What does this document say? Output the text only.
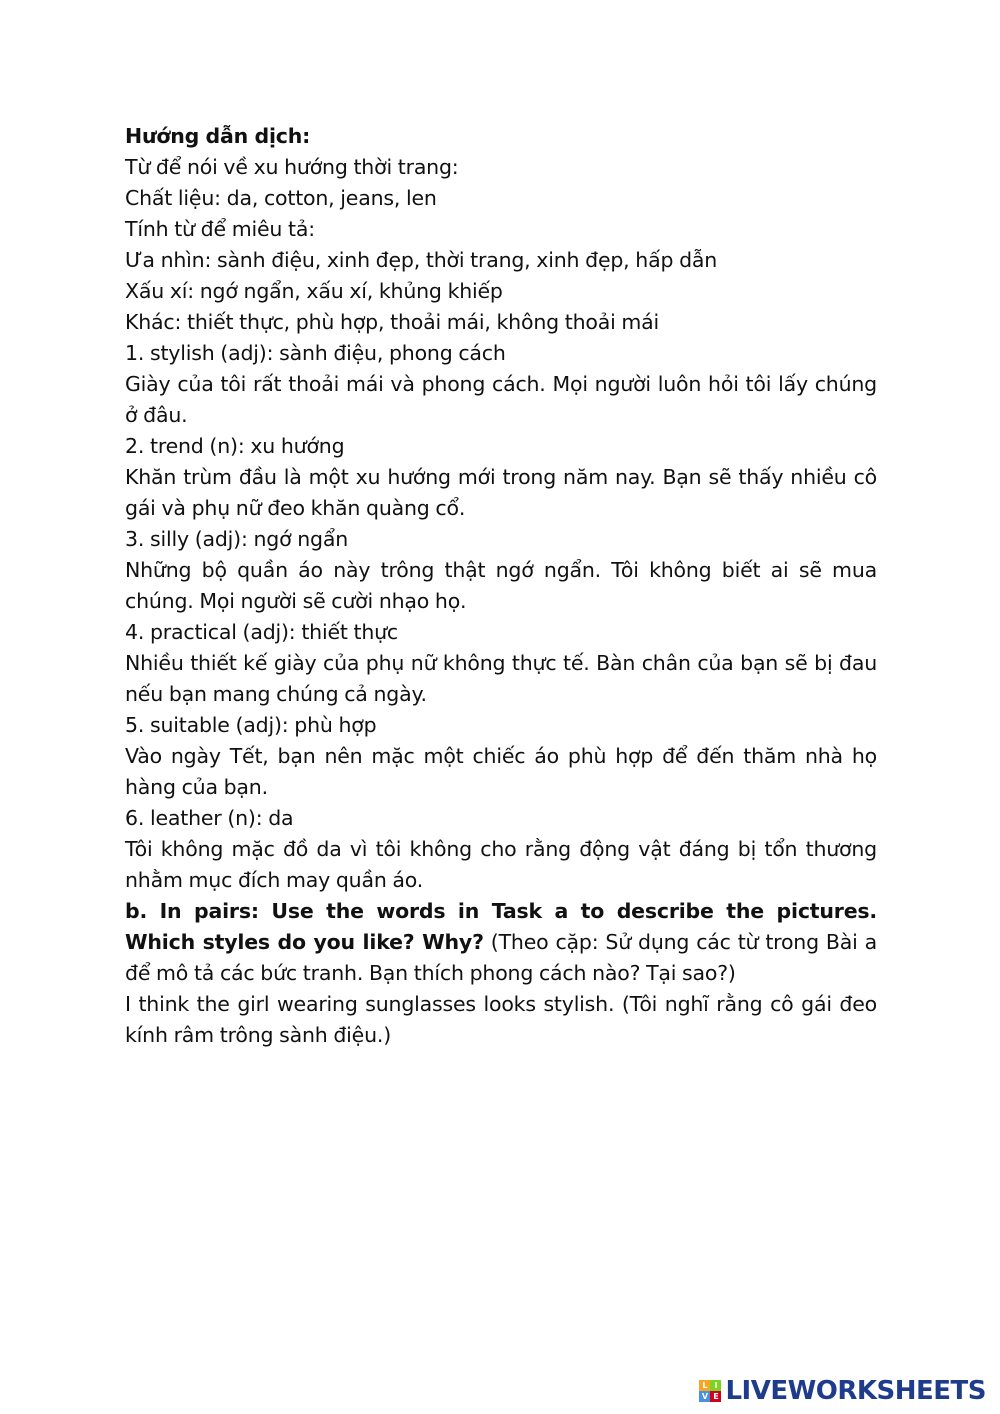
Hướng dẫn dịch:

Từ để nói về xu hướng thời trang:

Chất liệu: da, cotton, jeans, len

Tính từ để miêu tả:

Ưa nhìn: sành điệu, xinh đẹp, thời trang, xinh đẹp, hấp dẫn

Xấu xí: ngớ ngẩn, xấu xí, khủng khiếp

Khác: thiết thực, phù hợp, thoải mái, không thoải mái

1. stylish (adj): sành điệu, phong cách

Giày của tôi rất thoải mái và phong cách. Mọi người luôn hỏi tôi lấy chúng ở đâu.

2. trend (n): xu hướng

Khăn trùm đầu là một xu hướng mới trong năm nay. Bạn sẽ thấy nhiều cô gái và phụ nữ đeo khăn quàng cổ.

3. silly (adj): ngớ ngẩn

Những bộ quần áo này trông thật ngớ ngẩn. Tôi không biết ai sẽ mua chúng. Mọi người sẽ cười nhạo họ.

4. practical (adj): thiết thực

Nhiều thiết kế giày của phụ nữ không thực tế. Bàn chân của bạn sẽ bị đau nếu bạn mang chúng cả ngày.

5. suitable (adj): phù hợp

Vào ngày Tết, bạn nên mặc một chiếc áo phù hợp để đến thăm nhà họ hàng của bạn.

6. leather (n): da

Tôi không mặc đồ da vì tôi không cho rằng động vật đáng bị tổn thương nhằm mục đích may quần áo.

b. In pairs: Use the words in Task a to describe the pictures. Which styles do you like? Why? (Theo cặp: Sử dụng các từ trong Bài a để mô tả các bức tranh. Bạn thích phong cách nào? Tại sao?)

I think the girl wearing sunglasses looks stylish. (Tôi nghĩ rằng cô gái đeo kính râm trông sành điệu.)

L I
V E LIVEWORKSHEETS
